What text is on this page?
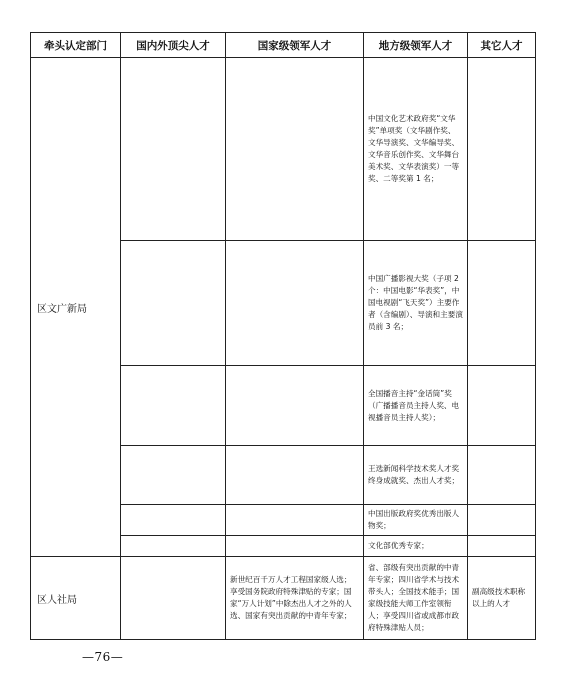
牵头认定部门	国内外顶尖人才	国家级领军人才	地方级领军人才	其它人才
区文广新局			中国文化艺术政府奖“文华奖”单项奖（文华剧作奖、文华导演奖、文华编导奖、文华音乐创作奖、文华舞台美术奖、文华表演奖）一等奖、二等奖第 1 名；	
			中国广播影视大奖（子项 2 个：中国电影“华表奖”，中国电视剧“飞天奖”）主要作者（含编剧）、导演和主要演员前 3 名；	
			全国播音主持“金话筒”奖（广播播音员主持人奖、电视播音员主持人奖）；	
			王选新闻科学技术奖人才奖终身成就奖、杰出人才奖；	
			中国出版政府奖优秀出版人物奖；	
			文化部优秀专家；	
区人社局		新世纪百千万人才工程国家级人选；享受国务院政府特殊津贴的专家；国家“万人计划”中除杰出人才之外的人选、国家有突出贡献的中青年专家；	省、部级有突出贡献的中青年专家；四川省学术与技术带头人；全国技术能手；国家级技能大师工作室领衔人；享受四川省或成都市政府特殊津贴人员；	副高级技术职称以上的人才
—76—
